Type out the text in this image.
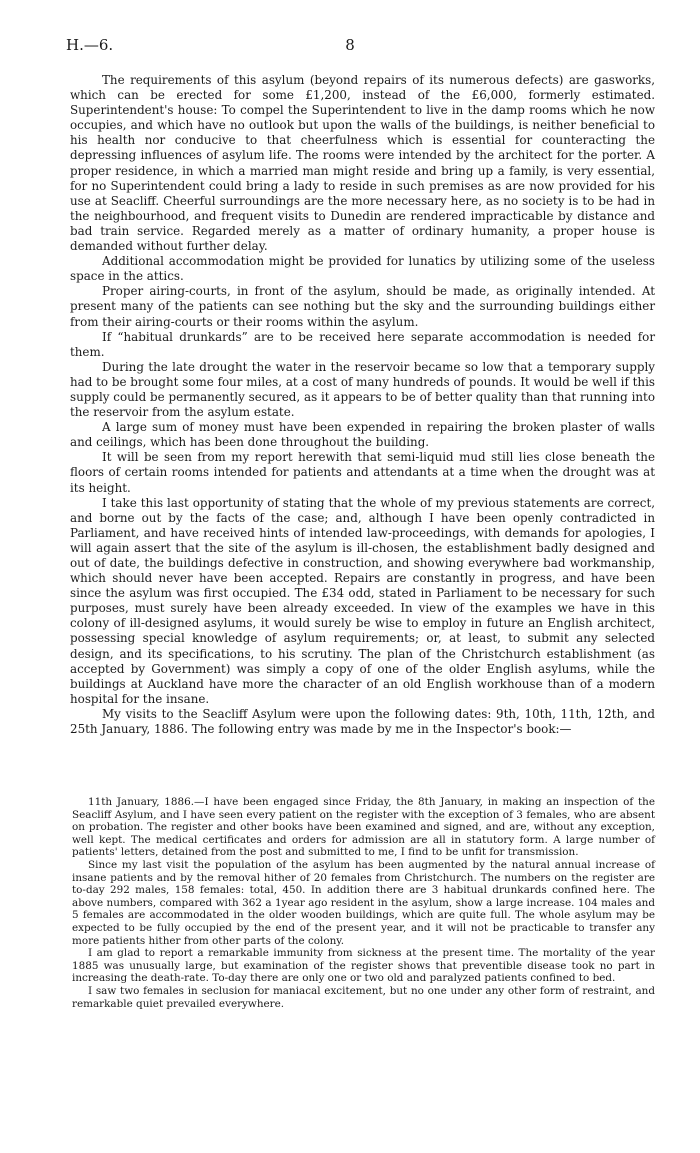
H.—6.	8

The requirements of this asylum (beyond repairs of its numerous defects) are gasworks, which can be erected for some £1,200, instead of the £6,000, formerly estimated. Superintendent's house: To compel the Superintendent to live in the damp rooms which he now occupies, and which have no outlook but upon the walls of the buildings, is neither beneficial to his health nor conducive to that cheerfulness which is essential for counteracting the depressing influences of asylum life. The rooms were intended by the architect for the porter. A proper residence, in which a married man might reside and bring up a family, is very essential, for no Superintendent could bring a lady to reside in such premises as are now provided for his use at Seacliff. Cheerful surroundings are the more necessary here, as no society is to be had in the neighbourhood, and frequent visits to Dunedin are rendered impracticable by distance and bad train service. Regarded merely as a matter of ordinary humanity, a proper house is demanded without further delay.

Additional accommodation might be provided for lunatics by utilizing some of the useless space in the attics.

Proper airing-courts, in front of the asylum, should be made, as originally intended. At present many of the patients can see nothing but the sky and the surrounding buildings either from their airing-courts or their rooms within the asylum.

If “habitual drunkards” are to be received here separate accommodation is needed for them.

During the late drought the water in the reservoir became so low that a temporary supply had to be brought some four miles, at a cost of many hundreds of pounds. It would be well if this supply could be permanently secured, as it appears to be of better quality than that running into the reservoir from the asylum estate.

A large sum of money must have been expended in repairing the broken plaster of walls and ceilings, which has been done throughout the building.

It will be seen from my report herewith that semi-liquid mud still lies close beneath the floors of certain rooms intended for patients and attendants at a time when the drought was at its height.

I take this last opportunity of stating that the whole of my previous statements are correct, and borne out by the facts of the case; and, although I have been openly contradicted in Parliament, and have received hints of intended law-proceedings, with demands for apologies, I will again assert that the site of the asylum is ill-chosen, the establishment badly designed and out of date, the buildings defective in construction, and showing everywhere bad workmanship, which should never have been accepted. Repairs are constantly in progress, and have been since the asylum was first occupied. The £34 odd, stated in Parliament to be necessary for such purposes, must surely have been already exceeded. In view of the examples we have in this colony of ill-designed asylums, it would surely be wise to employ in future an English architect, possessing special knowledge of asylum requirements; or, at least, to submit any selected design, and its specifications, to his scrutiny. The plan of the Christchurch establishment (as accepted by Government) was simply a copy of one of the older English asylums, while the buildings at Auckland have more the character of an old English workhouse than of a modern hospital for the insane.

My visits to the Seacliff Asylum were upon the following dates: 9th, 10th, 11th, 12th, and 25th January, 1886. The following entry was made by me in the Inspector's book:—

11th January, 1886.—I have been engaged since Friday, the 8th January, in making an inspection of the Seacliff Asylum, and I have seen every patient on the register with the exception of 3 females, who are absent on probation. The register and other books have been examined and signed, and are, without any exception, well kept. The medical certificates and orders for admission are all in statutory form. A large number of patients' letters, detained from the post and submitted to me, I find to be unfit for transmission.

Since my last visit the population of the asylum has been augmented by the natural annual increase of insane patients and by the removal hither of 20 females from Christchurch. The numbers on the register are to-day 292 males, 158 females: total, 450. In addition there are 3 habitual drunkards confined here. The above numbers, compared with 362 a 1year ago resident in the asylum, show a large increase. 104 males and 5 females are accommodated in the older wooden buildings, which are quite full. The whole asylum may be expected to be fully occupied by the end of the present year, and it will not be practicable to transfer any more patients hither from other parts of the colony.

I am glad to report a remarkable immunity from sickness at the present time. The mortality of the year 1885 was unusually large, but examination of the register shows that preventible disease took no part in increasing the death-rate. To-day there are only one or two old and paralyzed patients confined to bed.

I saw two females in seclusion for maniacal excitement, but no one under any other form of restraint, and remarkable quiet prevailed everywhere.
